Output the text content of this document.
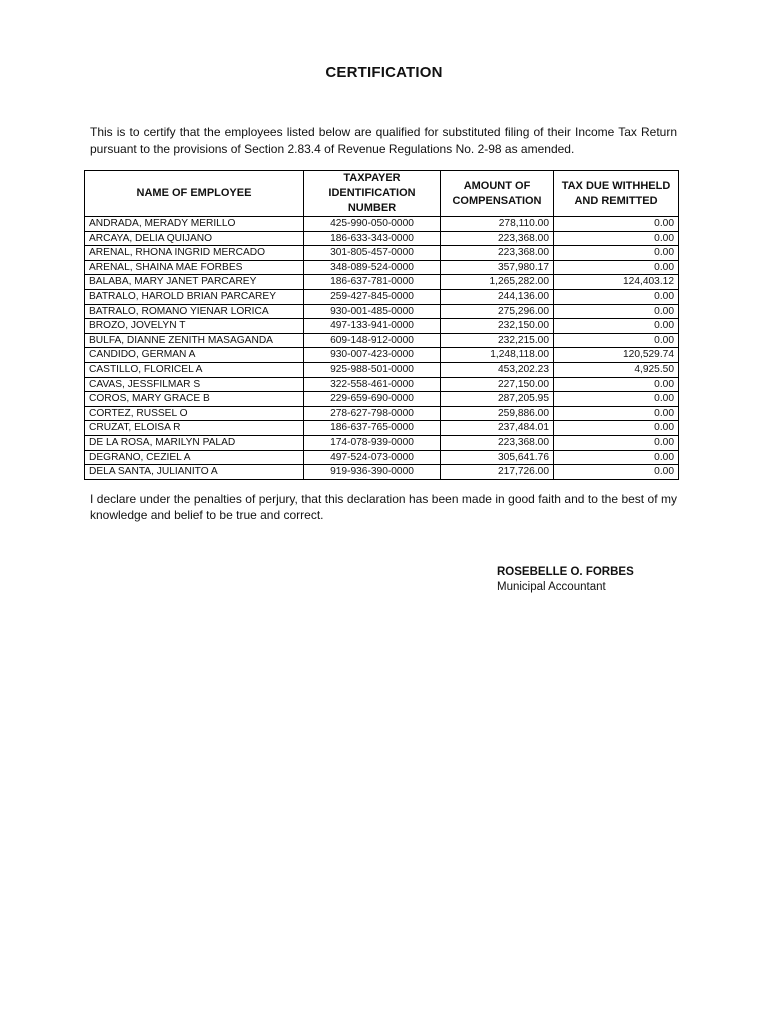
CERTIFICATION
This is to certify that the employees listed below are qualified for substituted filing of their Income Tax Return pursuant to the provisions of Section 2.83.4 of Revenue Regulations No. 2-98 as amended.
NAME OF EMPLOYEE	TAXPAYER IDENTIFICATION NUMBER	AMOUNT OF COMPENSATION	TAX DUE WITHHELD AND REMITTED
ANDRADA, MERADY MERILLO	425-990-050-0000	278,110.00	0.00
ARCAYA, DELIA QUIJANO	186-633-343-0000	223,368.00	0.00
ARENAL, RHONA INGRID MERCADO	301-805-457-0000	223,368.00	0.00
ARENAL, SHAINA MAE FORBES	348-089-524-0000	357,980.17	0.00
BALABA, MARY JANET PARCAREY	186-637-781-0000	1,265,282.00	124,403.12
BATRALO, HAROLD BRIAN PARCAREY	259-427-845-0000	244,136.00	0.00
BATRALO, ROMANO YIENAR LORICA	930-001-485-0000	275,296.00	0.00
BROZO, JOVELYN T	497-133-941-0000	232,150.00	0.00
BULFA, DIANNE ZENITH MASAGANDA	609-148-912-0000	232,215.00	0.00
CANDIDO, GERMAN A	930-007-423-0000	1,248,118.00	120,529.74
CASTILLO, FLORICEL A	925-988-501-0000	453,202.23	4,925.50
CAVAS, JESSFILMAR S	322-558-461-0000	227,150.00	0.00
COROS, MARY GRACE B	229-659-690-0000	287,205.95	0.00
CORTEZ, RUSSEL O	278-627-798-0000	259,886.00	0.00
CRUZAT, ELOISA R	186-637-765-0000	237,484.01	0.00
DE LA ROSA, MARILYN PALAD	174-078-939-0000	223,368.00	0.00
DEGRANO, CEZIEL A	497-524-073-0000	305,641.76	0.00
DELA SANTA, JULIANITO A	919-936-390-0000	217,726.00	0.00
I declare under the penalties of perjury, that this declaration has been made in good faith and to the best of my knowledge and belief to be true and correct.
ROSEBELLE O. FORBES
Municipal Accountant
